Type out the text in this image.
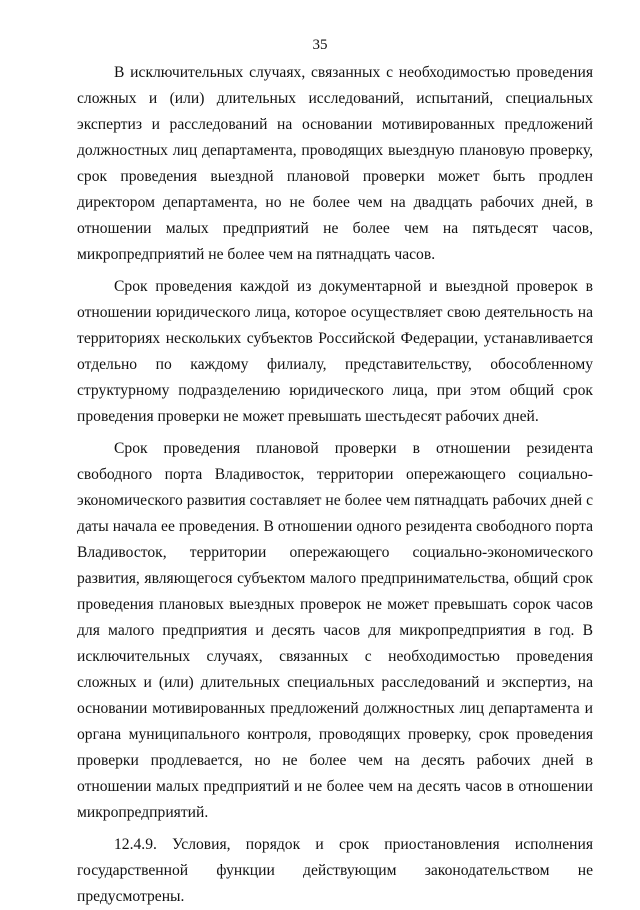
35

В исключительных случаях, связанных с необходимостью проведения сложных и (или) длительных исследований, испытаний, специальных экспертиз и расследований на основании мотивированных предложений должностных лиц департамента, проводящих выездную плановую проверку, срок проведения выездной плановой проверки может быть продлен директором департамента, но не более чем на двадцать рабочих дней, в отношении малых предприятий не более чем на пятьдесят часов, микропредприятий не более чем на пятнадцать часов.

Срок проведения каждой из документарной и выездной проверок в отношении юридического лица, которое осуществляет свою деятельность на территориях нескольких субъектов Российской Федерации, устанавливается отдельно по каждому филиалу, представительству, обособленному структурному подразделению юридического лица, при этом общий срок проведения проверки не может превышать шестьдесят рабочих дней.

Срок проведения плановой проверки в отношении резидента свободного порта Владивосток, территории опережающего социально-экономического развития составляет не более чем пятнадцать рабочих дней с даты начала ее проведения. В отношении одного резидента свободного порта Владивосток, территории опережающего социально-экономического развития, являющегося субъектом малого предпринимательства, общий срок проведения плановых выездных проверок не может превышать сорок часов для малого предприятия и десять часов для микропредприятия в год. В исключительных случаях, связанных с необходимостью проведения сложных и (или) длительных специальных расследований и экспертиз, на основании мотивированных предложений должностных лиц департамента и органа муниципального контроля, проводящих проверку, срок проведения проверки продлевается, но не более чем на десять рабочих дней в отношении малых предприятий и не более чем на десять часов в отношении микропредприятий.

12.4.9. Условия, порядок и срок приостановления исполнения государственной функции действующим законодательством не предусмотрены.
